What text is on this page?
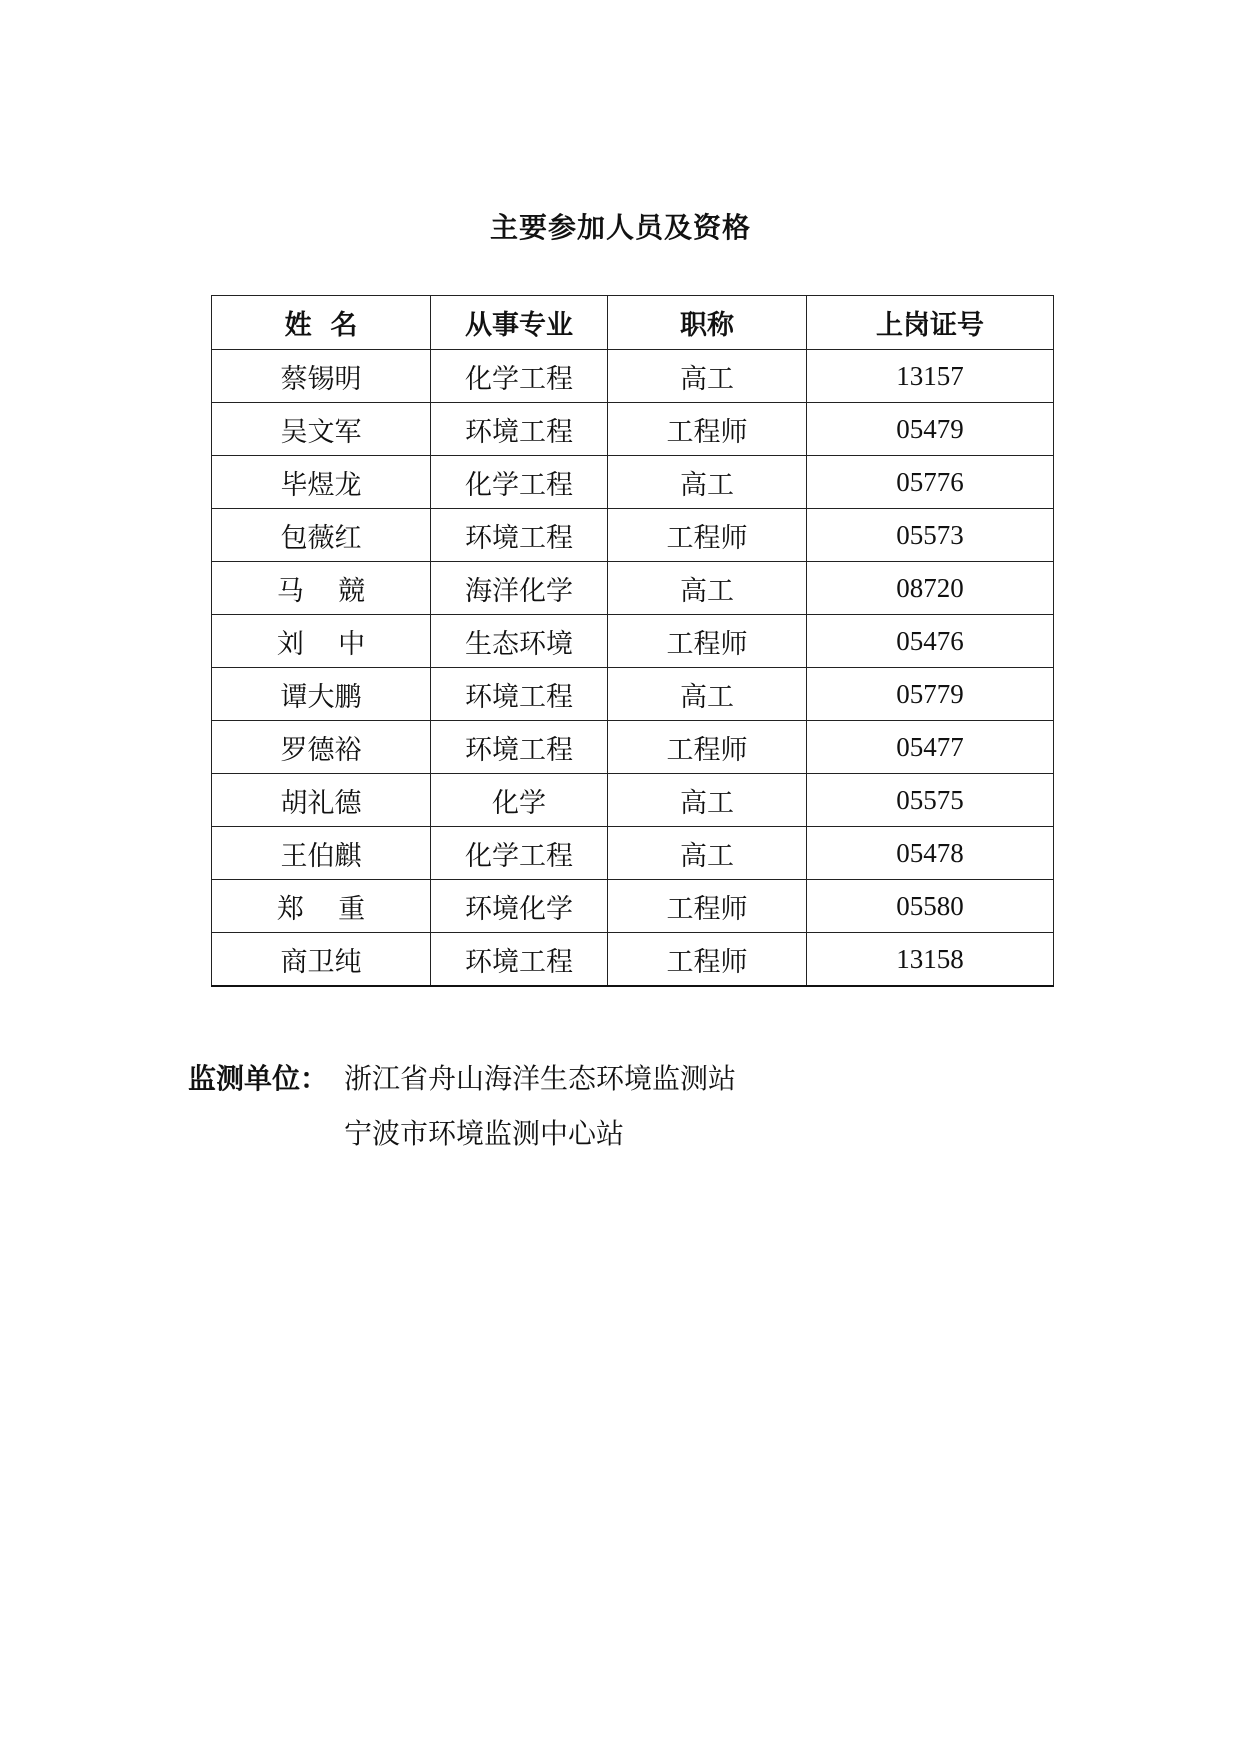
主要参加人员及资格
姓  名	从事专业	职称	上岗证号
蔡锡明	化学工程	高工	13157
吴文军	环境工程	工程师	05479
毕煜龙	化学工程	高工	05776
包薇红	环境工程	工程师	05573
马    競	海洋化学	高工	08720
刘    中	生态环境	工程师	05476
谭大鹏	环境工程	高工	05779
罗德裕	环境工程	工程师	05477
胡礼德	化学	高工	05575
王伯麒	化学工程	高工	05478
郑    重	环境化学	工程师	05580
商卫纯	环境工程	工程师	13158
监测单位： 浙江省舟山海洋生态环境监测站
宁波市环境监测中心站
